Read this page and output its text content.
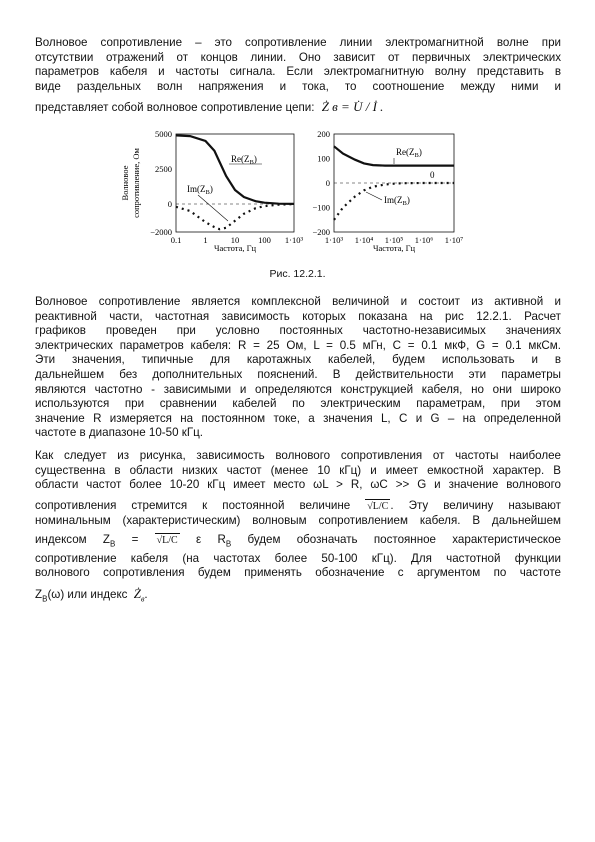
Волновое сопротивление – это сопротивление линии электромагнитной волне при
отсутствии отражений от концов линии. Оно зависит от первичных электрических
параметров кабеля и частоты сигнала. Если электромагнитную волну представить в
виде раздельных волн напряжения и тока, то соотношение между ними и
представляет собой волновое сопротивление цепи: Ż в = U̇ / İ .
Волновое сопротивление, Ом
5000
2500
0
−2000
0.1	1	10 100 1·10³
$Re(Z_В)$
$Im(Z_В)$
Частота, Гц
200
100
0
−100
−200
1·10³ 1·10⁴ 1·10⁵ 1·10⁶ 1·10⁷
$Re(Z_В)$
0
$Im(Z_В)$
Частота, Гц
Рис. 12.2.1.
Волновое сопротивление является комплексной величиной и состоит из активной и
реактивной части, частотная зависимость которых показана на рис 12.2.1. Расчет
графиков проведен при условно постоянных частотно-независимых значениях
электрических параметров кабеля: R = 25 Ом, L = 0.5 мГн, C = 0.1 мкФ, G = 0.1 мкСм.
Эти значения, типичные для каротажных кабелей, будем использовать и в
дальнейшем без дополнительных пояснений. В действительности эти параметры
являются частотно - зависимыми и определяются конструкцией кабеля, но они широко
используются при сравнении кабелей по электрическим параметрам, при этом
значение R измеряется на постоянном токе, а значения L, C и G – на определенной
частоте в диапазоне 10-50 кГц.
Как следует из рисунка, зависимость волнового сопротивления от частоты наиболее
существенна в области низких частот (менее 10 кГц) и имеет емкостной характер. В
области частот более 10-20 кГц имеет место ωL > R, ωC >> G и значение волнового
сопротивления стремится к постоянной величине √L/C . Эту величину называют
номинальным (характеристическим) волновым сопротивлением кабеля. В дальнейшем
индексом $Z_В = √L/C$ ε $R_В$ будем обозначать постоянное характеристическое
сопротивление кабеля (на частотах более 50-100 кГц). Для частотной функции
волнового сопротивления будем применять обозначение с аргументом по частоте
$Z_В(\omega)$ или индекс $Ż_в$.
